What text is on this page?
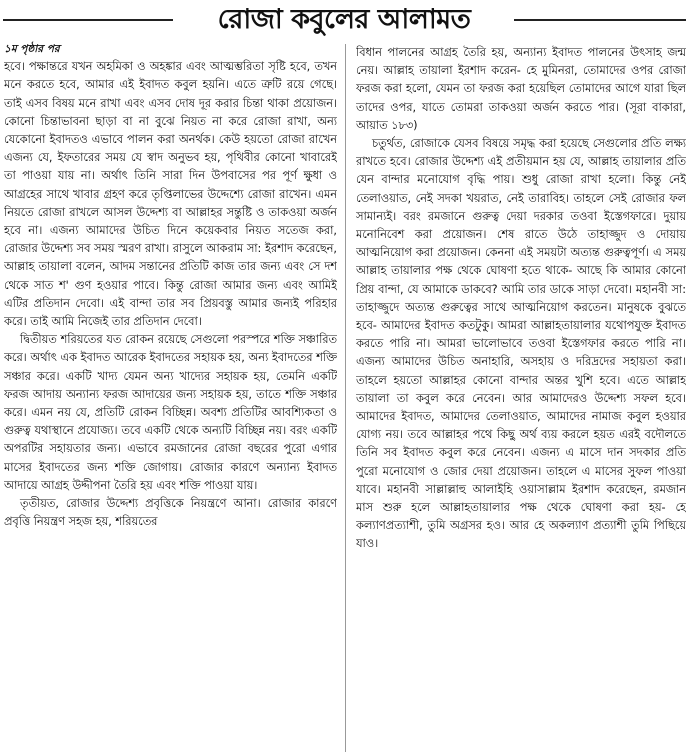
রোজা কবুলের আলামত
১ম পৃষ্ঠার পর

হবে। পক্ষান্তরে যখন অহমিকা ও অহঙ্কার এবং আত্মম্ভরিতা সৃষ্টি হবে, তখন মনে করতে হবে, আমার এই ইবাদত কবুল হয়নি। এতে ত্রুটি রয়ে গেছে। তাই এসব বিষয় মনে রাখা এবং এসব দোষ দূর করার চিন্তা থাকা প্রয়োজন। কোনো চিন্তাভাবনা ছাড়া বা না বুঝে নিয়ত না করে রোজা রাখা, অন্য যেকোনো ইবাদতও এভাবে পালন করা অনর্থক। কেউ হয়তো রোজা রাখেন এজন্য যে, ইফতারের সময় যে স্বাদ অনুভব হয়, পৃথিবীর কোনো খাবারেই তা পাওয়া যায় না। অর্থাৎ তিনি সারা দিন উপবাসের পর পূর্ণ ক্ষুধা ও আগ্রহের সাথে খাবার গ্রহণ করে তৃপ্তিলাভের উদ্দেশ্যে রোজা রাখেন। এমন নিয়তে রোজা রাখলে আসল উদ্দেশ্য বা আল্লাহর সন্তুষ্টি ও তাকওয়া অর্জন হবে না। এজন্য আমাদের উচিত দিনে কয়েকবার নিয়ত সতেজ করা, রোজার উদ্দেশ্য সব সময় স্মরণ রাখা। রাসুলে আকরাম সা: ইরশাদ করেছেন, আল্লাহ তায়ালা বলেন, আদম সন্তানের প্রতিটি কাজ তার জন্য এবং সে দশ থেকে সাত শ' গুণ হওয়ার পাবে। কিন্তু রোজা আমার জন্য এবং আমিই এটির প্রতিদান দেবো। এই বান্দা তার সব প্রিয়বস্তু আমার জন্যই পরিহার করে। তাই আমি নিজেই তার প্রতিদান দেবো।

দ্বিতীয়ত শরিয়তের যত রোকন রয়েছে সেগুলো পরস্পরে শক্তি সঞ্চারিত করে। অর্থাৎ এক ইবাদত আরেক ইবাদতের সহায়ক হয়, অন্য ইবাদতের শক্তি সঞ্চার করে। একটি খাদ্য যেমন অন্য খাদ্যের সহায়ক হয়, তেমনি একটি ফরজ আদায় অন্যান্য ফরজ আদায়ের জন্য সহায়ক হয়, তাতে শক্তি সঞ্চার করে। এমন নয় যে, প্রতিটি রোকন বিচ্ছিন্ন। অবশ্য প্রতিটির আবশ্যিকতা ও গুরুত্ব যথাস্থানে প্রযোজ্য। তবে একটি থেকে অন্যটি বিচ্ছিন্ন নয়। বরং একটি অপরটির সহায়তার জন্য। এভাবে রমজানের রোজা বছরের পুরো এগার মাসের ইবাদতের জন্য শক্তি জোগায়। রোজার কারণে অন্যান্য ইবাদত আদায়ে আগ্রহ উদ্দীপনা তৈরি হয় এবং শক্তি পাওয়া যায়।

তৃতীয়ত, রোজার উদ্দেশ্য প্রবৃত্তিকে নিয়ন্ত্রণে আনা। রোজার কারণে প্রবৃত্তি নিয়ন্ত্রণ সহজ হয়, শরিয়তের

বিধান পালনের আগ্রহ তৈরি হয়, অন্যান্য ইবাদত পালনের উৎসাহ জন্ম নেয়। আল্লাহ তায়ালা ইরশাদ করেন- হে মুমিনরা, তোমাদের ওপর রোজা ফরজ করা হলো, যেমন তা ফরজ করা হয়েছিল তোমাদের আগে যারা ছিল তাদের ওপর, যাতে তোমরা তাকওয়া অর্জন করতে পার। (সূরা বাকারা, আয়াত ১৮৩)

চতুর্থত, রোজাকে যেসব বিষয়ে সমৃদ্ধ করা হয়েছে সেগুলোর প্রতি লক্ষ্য রাখতে হবে। রোজার উদ্দেশ্য এই প্রতীয়মান হয় যে, আল্লাহ তায়ালার প্রতি যেন বান্দার মনোযোগ বৃদ্ধি পায়। শুধু রোজা রাখা হলো। কিন্তু নেই তেলাওয়াত, নেই সদকা খয়রাত, নেই তারাবিহ। তাহলে সেই রোজার ফল সামান্যই। বরং রমজানে গুরুত্ব দেয়া দরকার তওবা ইস্তেগফারে। দুয়ায় মনোনিবেশ করা প্রয়োজন। শেষ রাতে উঠে তাহাজ্জুদ ও দোয়ায় আত্মনিয়োগ করা প্রয়োজন। কেননা এই সময়টা অত্যন্ত গুরুত্বপূর্ণ। এ সময় আল্লাহ তায়ালার পক্ষ থেকে ঘোষণা হতে থাকে- আছে কি আমার কোনো প্রিয় বান্দা, যে আমাকে ডাকবে? আমি তার ডাকে সাড়া দেবো। মহানবী সা: তাহাজ্জুদে অত্যন্ত গুরুত্বের সাথে আত্মনিয়োগ করতেন। মানুষকে বুঝতে হবে- আমাদের ইবাদত কতটুকু। আমরা আল্লাহতায়ালার যথোপযুক্ত ইবাদত করতে পারি না। আমরা ভালোভাবে তওবা ইস্তেগফার করতে পারি না। এজন্য আমাদের উচিত অনাহারি, অসহায় ও দরিদ্রদের সহায়তা করা। তাহলে হয়তো আল্লাহর কোনো বান্দার অন্তর খুশি হবে। এতে আল্লাহ তায়ালা তা কবুল করে নেবেন। আর আমাদেরও উদ্দেশ্য সফল হবে। আমাদের ইবাদত, আমাদের তেলাওয়াত, আমাদের নামাজ কবুল হওয়ার যোগ্য নয়। তবে আল্লাহর পথে কিছু অর্থ ব্যয় করলে হয়ত এরই বদৌলতে তিনি সব ইবাদত কবুল করে নেবেন। এজন্য এ মাসে দান সদকার প্রতি পুরো মনোযোগ ও জোর দেয়া প্রয়োজন। তাহলে এ মাসের সুফল পাওয়া যাবে। মহানবী সাল্লাল্লাহু আলাইহি ওয়াসাল্লাম ইরশাদ করেছেন, রমজান মাস শুরু হলে আল্লাহতায়ালার পক্ষ থেকে ঘোষণা করা হয়- হে কল্যাণপ্রত্যাশী, তুমি অগ্রসর হও। আর হে অকল্যাণ প্রত্যাশী তুমি পিছিয়ে যাও।
